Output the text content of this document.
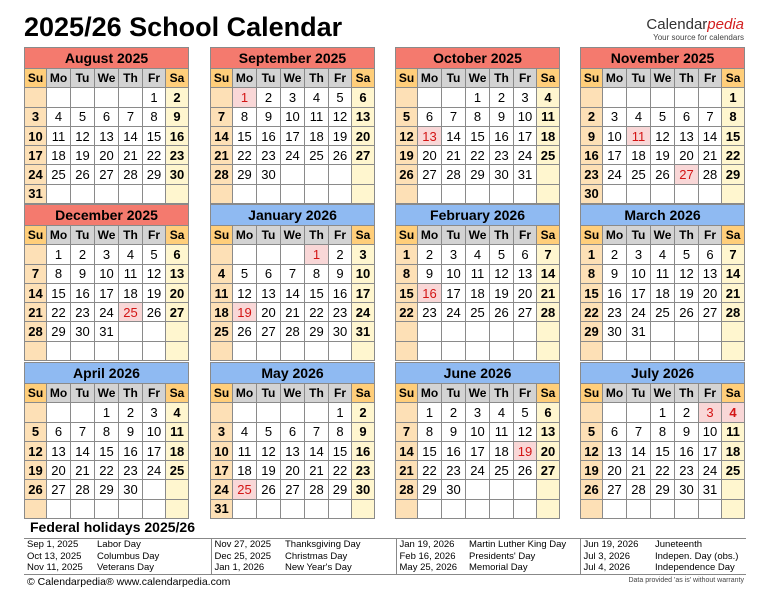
2025/26 School Calendar	Calendarpedia
Your source for calendars
August 2025						
Su	Mo	Tu	We	Th	Fr	Sa
					1	2
3	4	5	6	7	8	9
10	11	12	13	14	15	16
17	18	19	20	21	22	23
24	25	26	27	28	29	30
31						
September 2025						
Su	Mo	Tu	We	Th	Fr	Sa
	1	2	3	4	5	6
7	8	9	10	11	12	13
14	15	16	17	18	19	20
21	22	23	24	25	26	27
28	29	30				

October 2025						
Su	Mo	Tu	We	Th	Fr	Sa
			1	2	3	4
5	6	7	8	9	10	11
12	13	14	15	16	17	18
19	20	21	22	23	24	25
26	27	28	29	30	31	

November 2025						
Su	Mo	Tu	We	Th	Fr	Sa
						1
2	3	4	5	6	7	8
9	10	11	12	13	14	15
16	17	18	19	20	21	22
23	24	25	26	27	28	29
30						
December 2025						
Su	Mo	Tu	We	Th	Fr	Sa
	1	2	3	4	5	6
7	8	9	10	11	12	13
14	15	16	17	18	19	20
21	22	23	24	25	26	27
28	29	30	31			

January 2026						
Su	Mo	Tu	We	Th	Fr	Sa
				1	2	3
4	5	6	7	8	9	10
11	12	13	14	15	16	17
18	19	20	21	22	23	24
25	26	27	28	29	30	31

February 2026						
Su	Mo	Tu	We	Th	Fr	Sa
1	2	3	4	5	6	7
8	9	10	11	12	13	14
15	16	17	18	19	20	21
22	23	24	25	26	27	28

March 2026						
Su	Mo	Tu	We	Th	Fr	Sa
1	2	3	4	5	6	7
8	9	10	11	12	13	14
15	16	17	18	19	20	21
22	23	24	25	26	27	28
29	30	31				

April 2026						
Su	Mo	Tu	We	Th	Fr	Sa
			1	2	3	4
5	6	7	8	9	10	11
12	13	14	15	16	17	18
19	20	21	22	23	24	25
26	27	28	29	30		

May 2026						
Su	Mo	Tu	We	Th	Fr	Sa
					1	2
3	4	5	6	7	8	9
10	11	12	13	14	15	16
17	18	19	20	21	22	23
24	25	26	27	28	29	30
31						
June 2026						
Su	Mo	Tu	We	Th	Fr	Sa
	1	2	3	4	5	6
7	8	9	10	11	12	13
14	15	16	17	18	19	20
21	22	23	24	25	26	27
28	29	30				

July 2026						
Su	Mo	Tu	We	Th	Fr	Sa
			1	2	3	4
5	6	7	8	9	10	11
12	13	14	15	16	17	18
19	20	21	22	23	24	25
26	27	28	29	30	31	

Federal holidays 2025/26
Sep 1, 2025	Labor Day	Nov 27, 2025	Thanksgiving Day	Jan 19, 2026	Martin Luther King Day	Jun 19, 2026	Juneteenth
Oct 13, 2025	Columbus Day	Dec 25, 2025	Christmas Day	Feb 16, 2026	Presidents' Day	Jul 3, 2026	Indepen. Day (obs.)
Nov 11, 2025	Veterans Day	Jan 1, 2026	New Year's Day	May 25, 2026	Memorial Day	Jul 4, 2026	Independence Day
© Calendarpedia® www.calendarpedia.com	Data provided 'as is' without warranty
